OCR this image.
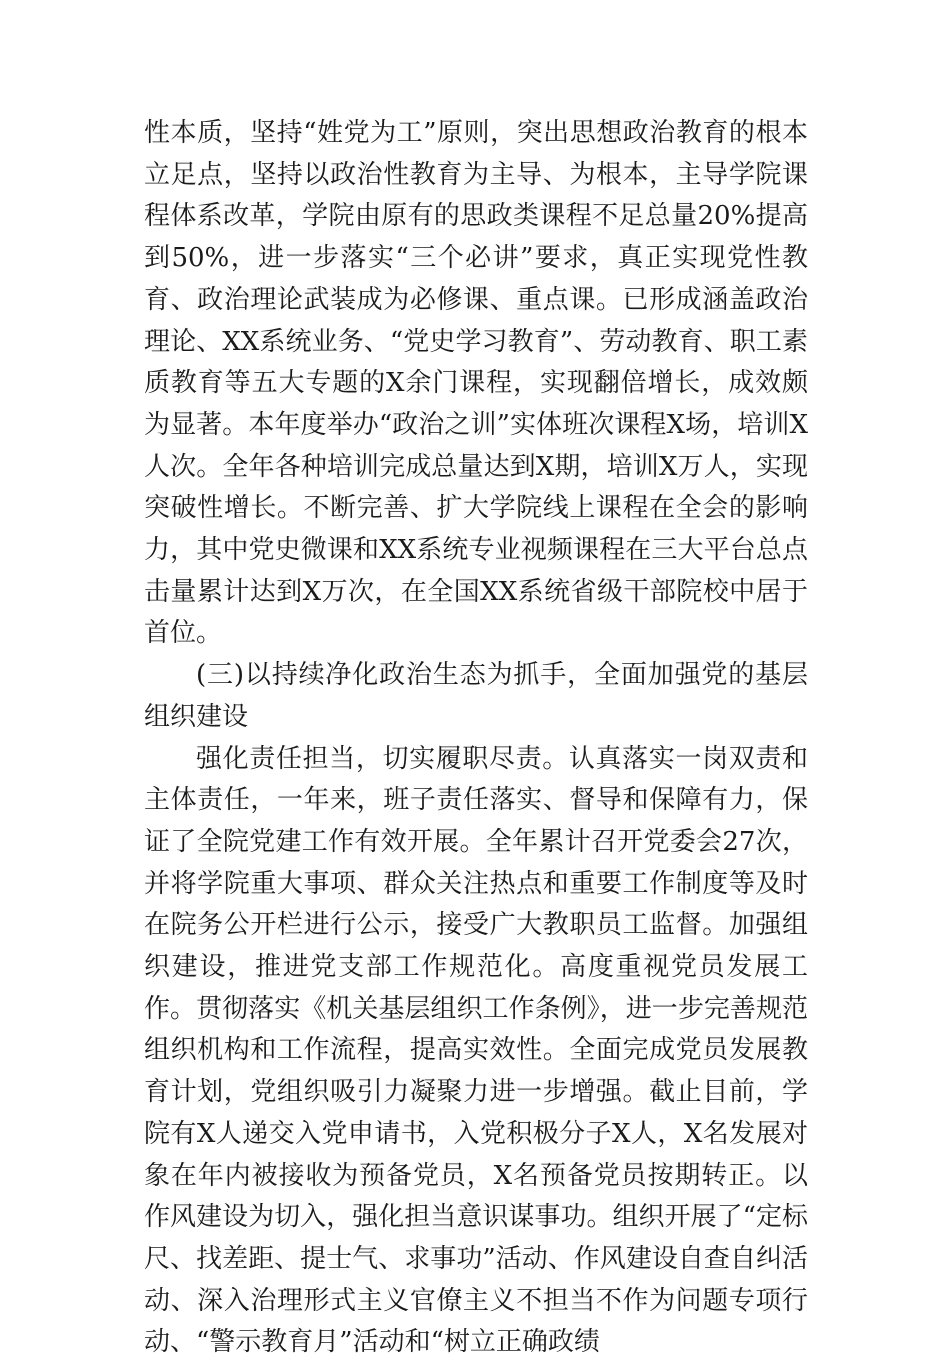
性本质，坚持“姓党为工”原则，突出思想政治教育的根本立足点，坚持以政治性教育为主导、为根本，主导学院课程体系改革，学院由原有的思政类课程不足总量20%提高到50%，进一步落实“三个必讲”要求，真正实现党性教育、政治理论武装成为必修课、重点课。已形成涵盖政治理论、XX系统业务、“党史学习教育”、劳动教育、职工素质教育等五大专题的X余门课程，实现翻倍增长，成效颇为显著。本年度举办“政治之训”实体班次课程X场，培训X人次。全年各种培训完成总量达到X期，培训X万人，实现突破性增长。不断完善、扩大学院线上课程在全会的影响力，其中党史微课和XX系统专业视频课程在三大平台总点击量累计达到X万次，在全国XX系统省级干部院校中居于首位。

(三)以持续净化政治生态为抓手，全面加强党的基层组织建设

强化责任担当，切实履职尽责。认真落实一岗双责和主体责任，一年来，班子责任落实、督导和保障有力，保证了全院党建工作有效开展。全年累计召开党委会27次，并将学院重大事项、群众关注热点和重要工作制度等及时在院务公开栏进行公示，接受广大教职员工监督。加强组织建设，推进党支部工作规范化。高度重视党员发展工作。贯彻落实《机关基层组织工作条例》，进一步完善规范组织机构和工作流程，提高实效性。全面完成党员发展教育计划，党组织吸引力凝聚力进一步增强。截止目前，学院有X人递交入党申请书，入党积极分子X人，X名发展对象在年内被接收为预备党员，X名预备党员按期转正。以作风建设为切入，强化担当意识谋事功。组织开展了“定标尺、找差距、提士气、求事功”活动、作风建设自查自纠活动、深入治理形式主义官僚主义不担当不作为问题专项行动、“警示教育月”活动和“树立正确政绩
